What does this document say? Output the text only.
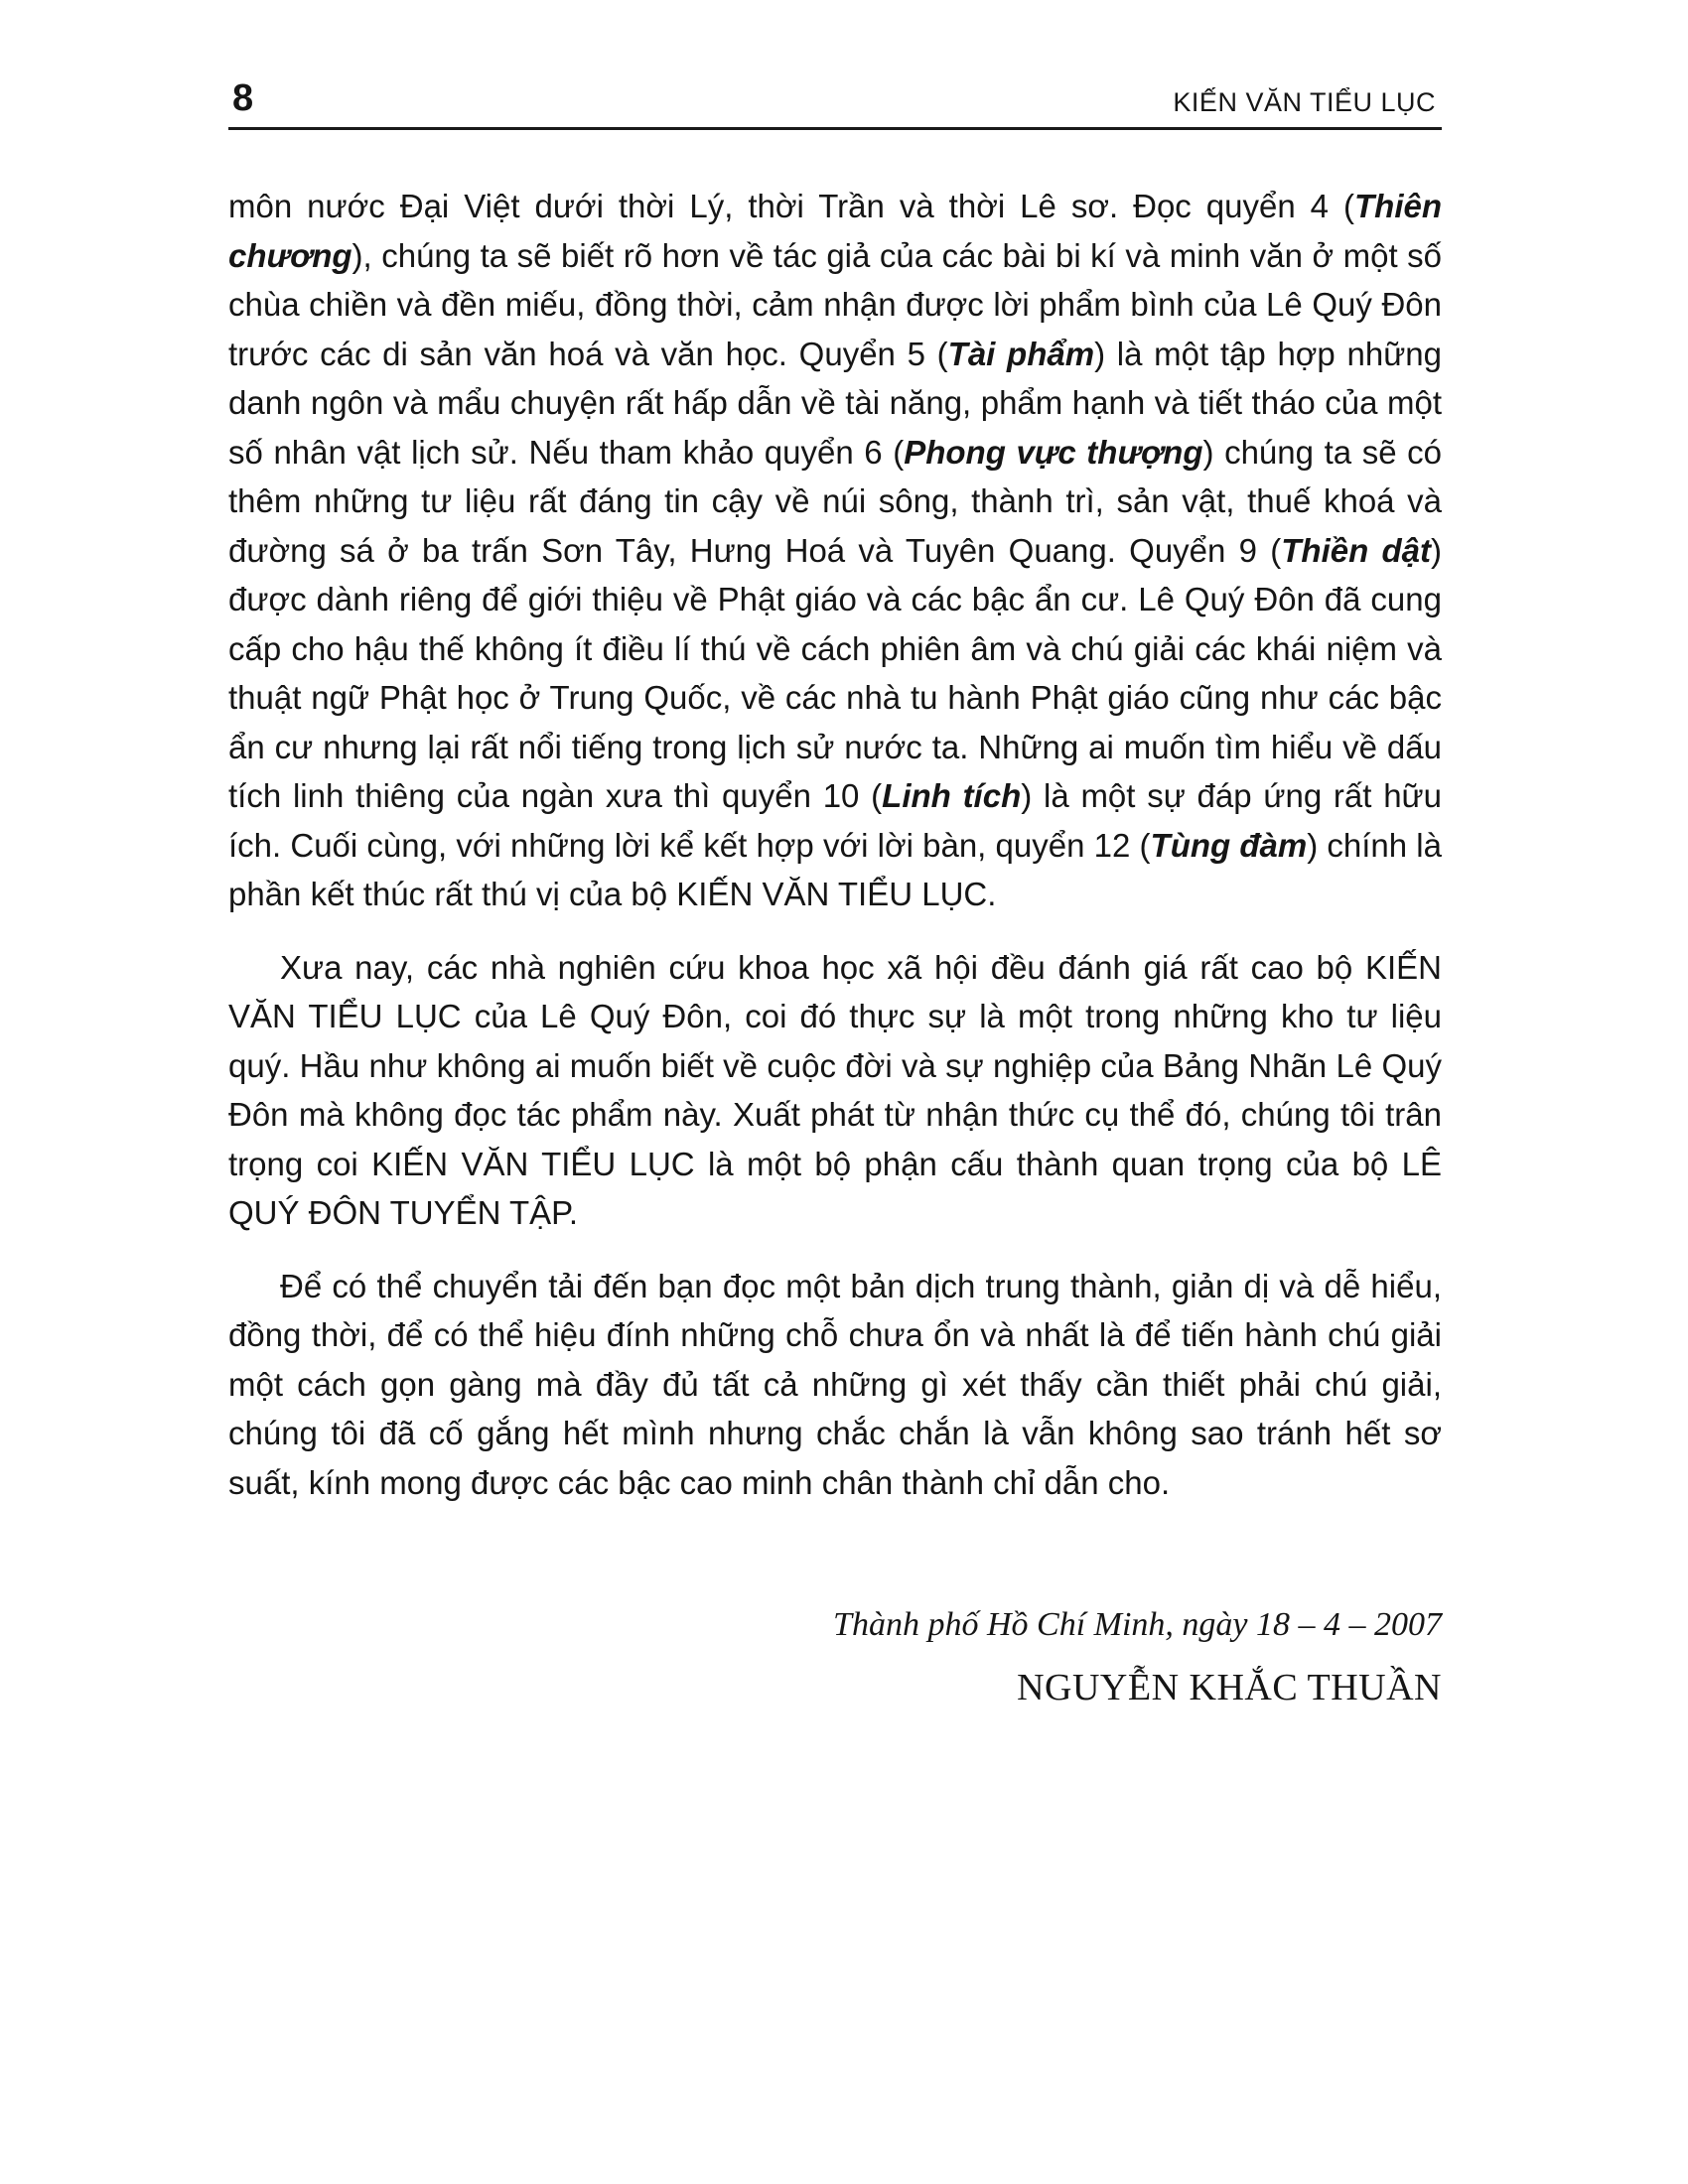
8	KIẾN VĂN TIỂU LỤC

môn nước Đại Việt dưới thời Lý, thời Trần và thời Lê sơ. Đọc quyển 4 (Thiên chương), chúng ta sẽ biết rõ hơn về tác giả của các bài bi kí và minh văn ở một số chùa chiền và đền miếu, đồng thời, cảm nhận được lời phẩm bình của Lê Quý Đôn trước các di sản văn hoá và văn học. Quyển 5 (Tài phẩm) là một tập hợp những danh ngôn và mẩu chuyện rất hấp dẫn về tài năng, phẩm hạnh và tiết tháo của một số nhân vật lịch sử. Nếu tham khảo quyển 6 (Phong vực thượng) chúng ta sẽ có thêm những tư liệu rất đáng tin cậy về núi sông, thành trì, sản vật, thuế khoá và đường sá ở ba trấn Sơn Tây, Hưng Hoá và Tuyên Quang. Quyển 9 (Thiền dật) được dành riêng để giới thiệu về Phật giáo và các bậc ẩn cư. Lê Quý Đôn đã cung cấp cho hậu thế không ít điều lí thú về cách phiên âm và chú giải các khái niệm và thuật ngữ Phật học ở Trung Quốc, về các nhà tu hành Phật giáo cũng như các bậc ẩn cư nhưng lại rất nổi tiếng trong lịch sử nước ta. Những ai muốn tìm hiểu về dấu tích linh thiêng của ngàn xưa thì quyển 10 (Linh tích) là một sự đáp ứng rất hữu ích. Cuối cùng, với những lời kể kết hợp với lời bàn, quyển 12 (Tùng đàm) chính là phần kết thúc rất thú vị của bộ KIẾN VĂN TIỂU LỤC.

Xưa nay, các nhà nghiên cứu khoa học xã hội đều đánh giá rất cao bộ KIẾN VĂN TIỂU LỤC của Lê Quý Đôn, coi đó thực sự là một trong những kho tư liệu quý. Hầu như không ai muốn biết về cuộc đời và sự nghiệp của Bảng Nhãn Lê Quý Đôn mà không đọc tác phẩm này. Xuất phát từ nhận thức cụ thể đó, chúng tôi trân trọng coi KIẾN VĂN TIỂU LỤC là một bộ phận cấu thành quan trọng của bộ LÊ QUÝ ĐÔN TUYỂN TẬP.

Để có thể chuyển tải đến bạn đọc một bản dịch trung thành, giản dị và dễ hiểu, đồng thời, để có thể hiệu đính những chỗ chưa ổn và nhất là để tiến hành chú giải một cách gọn gàng mà đầy đủ tất cả những gì xét thấy cần thiết phải chú giải, chúng tôi đã cố gắng hết mình nhưng chắc chắn là vẫn không sao tránh hết sơ suất, kính mong được các bậc cao minh chân thành chỉ dẫn cho.

Thành phố Hồ Chí Minh, ngày 18 – 4 – 2007

NGUYỄN KHẮC THUẦN
